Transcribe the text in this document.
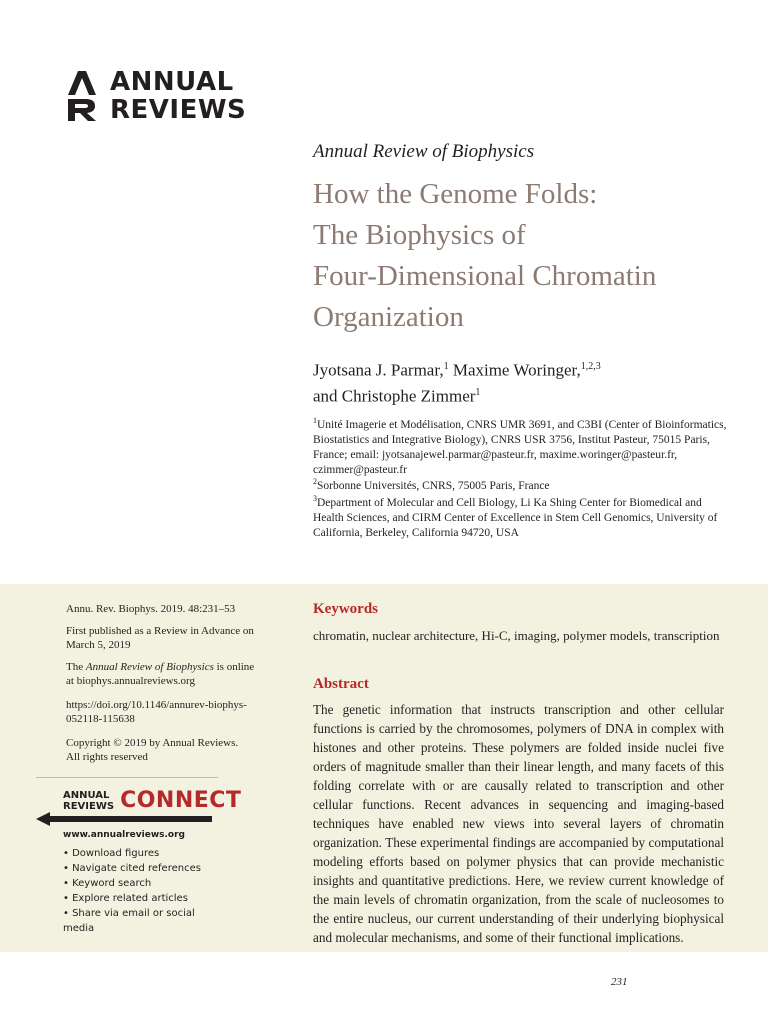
ANNUAL
REVIEWS
Annual Review of Biophysics
How the Genome Folds:
The Biophysics of
Four-Dimensional Chromatin
Organization
Jyotsana J. Parmar,$^1$ Maxime Woringer,$^{1,2,3}$
and Christophe Zimmer$^1$
$^1$Unité Imagerie et Modélisation, CNRS UMR 3691, and C3BI (Center of Bioinformatics, Biostatistics and Integrative Biology), CNRS USR 3756, Institut Pasteur, 75015 Paris, France; email: jyotsanajewel.parmar@pasteur.fr, maxime.woringer@pasteur.fr, czimmer@pasteur.fr
$^2$Sorbonne Universités, CNRS, 75005 Paris, France
$^3$Department of Molecular and Cell Biology, Li Ka Shing Center for Biomedical and Health Sciences, and CIRM Center of Excellence in Stem Cell Genomics, University of California, Berkeley, California 94720, USA
Annu. Rev. Biophys. 2019. 48:231–53
First published as a Review in Advance on March 5, 2019
The Annual Review of Biophysics is online at biophys.annualreviews.org
https://doi.org/10.1146/annurev-biophys-052118-115638
Copyright © 2019 by Annual Reviews.
All rights reserved
ANNUAL
REVIEWS CONNECT
www.annualreviews.org
• Download figures
• Navigate cited references
• Keyword search
• Explore related articles
• Share via email or social media
Keywords
chromatin, nuclear architecture, Hi-C, imaging, polymer models, transcription
Abstract
The genetic information that instructs transcription and other cellular functions is carried by the chromosomes, polymers of DNA in complex with histones and other proteins. These polymers are folded inside nuclei five orders of magnitude smaller than their linear length, and many facets of this folding correlate with or are causally related to transcription and other cellular functions. Recent advances in sequencing and imaging-based techniques have enabled new views into several layers of chromatin organization. These experimental findings are accompanied by computational modeling efforts based on polymer physics that can provide mechanistic insights and quantitative predictions. Here, we review current knowledge of the main levels of chromatin organization, from the scale of nucleosomes to the entire nucleus, our current understanding of their underlying biophysical and molecular mechanisms, and some of their functional implications.
231
